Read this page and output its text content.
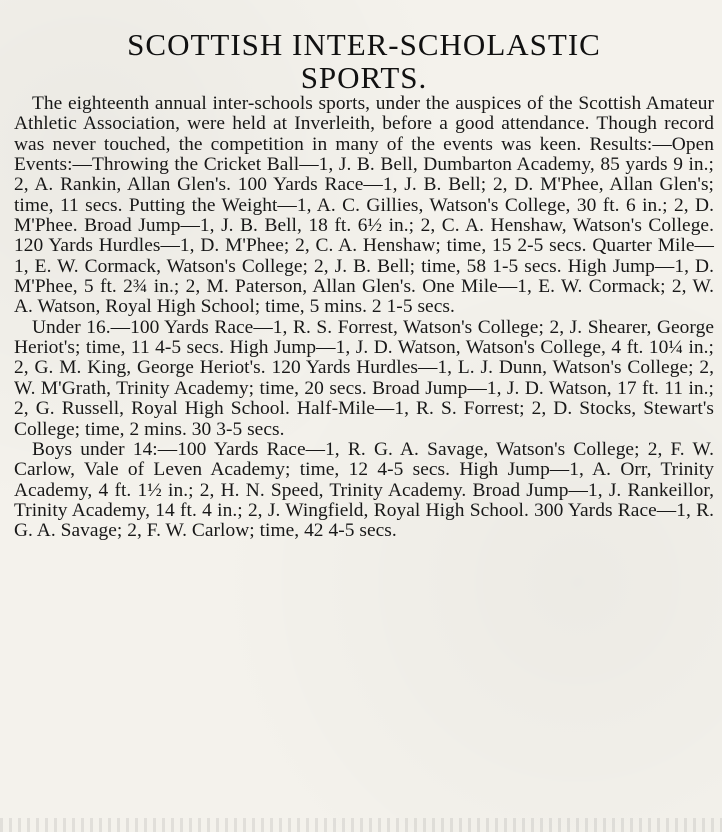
SCOTTISH INTER-SCHOLASTIC
SPORTS.

The eighteenth annual inter-schools sports, under the auspices of the Scottish Amateur Athletic Association, were held at Inverleith, before a good attendance. Though record was never touched, the competition in many of the events was keen. Results:—Open Events:—Throwing the Cricket Ball—1, J. B. Bell, Dumbarton Academy, 85 yards 9 in.; 2, A. Rankin, Allan Glen's. 100 Yards Race—1, J. B. Bell; 2, D. M'Phee, Allan Glen's; time, 11 secs. Putting the Weight—1, A. C. Gillies, Watson's College, 30 ft. 6 in.; 2, D. M'Phee. Broad Jump—1, J. B. Bell, 18 ft. 6½ in.; 2, C. A. Henshaw, Watson's College. 120 Yards Hurdles—1, D. M'Phee; 2, C. A. Henshaw; time, 15 2-5 secs. Quarter Mile—1, E. W. Cormack, Watson's College; 2, J. B. Bell; time, 58 1-5 secs. High Jump—1, D. M'Phee, 5 ft. 2¾ in.; 2, M. Paterson, Allan Glen's. One Mile—1, E. W. Cormack; 2, W. A. Watson, Royal High School; time, 5 mins. 2 1-5 secs.

Under 16.—100 Yards Race—1, R. S. Forrest, Watson's College; 2, J. Shearer, George Heriot's; time, 11 4-5 secs. High Jump—1, J. D. Watson, Watson's College, 4 ft. 10¼ in.; 2, G. M. King, George Heriot's. 120 Yards Hurdles—1, L. J. Dunn, Watson's College; 2, W. M'Grath, Trinity Academy; time, 20 secs. Broad Jump—1, J. D. Watson, 17 ft. 11 in.; 2, G. Russell, Royal High School. Half-Mile—1, R. S. Forrest; 2, D. Stocks, Stewart's College; time, 2 mins. 30 3-5 secs.

Boys under 14:—100 Yards Race—1, R. G. A. Savage, Watson's College; 2, F. W. Carlow, Vale of Leven Academy; time, 12 4-5 secs. High Jump—1, A. Orr, Trinity Academy, 4 ft. 1½ in.; 2, H. N. Speed, Trinity Academy. Broad Jump—1, J. Rankeillor, Trinity Academy, 14 ft. 4 in.; 2, J. Wingfield, Royal High School. 300 Yards Race—1, R. G. A. Savage; 2, F. W. Carlow; time, 42 4-5 secs.
